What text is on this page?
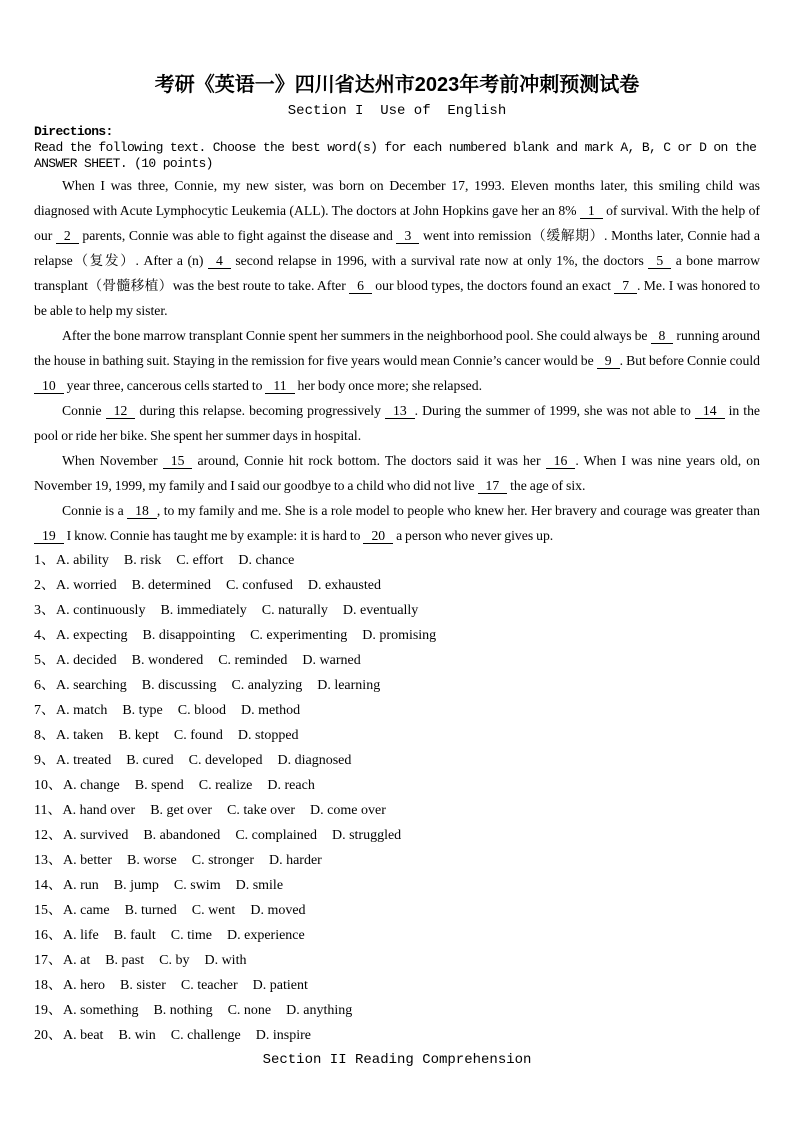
考研《英语一》四川省达州市2023年考前冲刺预测试卷
Section I  Use of  English
Directions:
Read the following text. Choose the best word(s) for each numbered blank and mark A, B, C or D on the
ANSWER SHEET. (10 points)

When I was three, Connie, my new sister, was born on December 17, 1993. Eleven months later, this smiling child was diagnosed with Acute Lymphocytic Leukemia (ALL). The doctors at John Hopkins gave her an 8% 1 of survival. With the help of our 2 parents, Connie was able to fight against the disease and 3 went into remission（缓解期）. Months later, Connie had a relapse（复发）. After a (n) 4 second relapse in 1996, with a survival rate now at only 1%, the doctors 5 a bone marrow transplant（骨髓移植）was the best route to take. After 6 our blood types, the doctors found an exact 7 . Me. I was honored to be able to help my sister.

After the bone marrow transplant Connie spent her summers in the neighborhood pool. She could always be 8 running around the house in bathing suit. Staying in the remission for five years would mean Connie’s cancer would be 9 . But before Connie could 10 year three, cancerous cells started to 11 her body once more; she relapsed.

Connie 12 during this relapse. becoming progressively 13 . During the summer of 1999, she was not able to 14 in the pool or ride her bike. She spent her summer days in hospital.

When November 15 around, Connie hit rock bottom. The doctors said it was her 16 . When I was nine years old, on November 19, 1999, my family and I said our goodbye to a child who did not live 17 the age of six.

Connie is a 18 , to my family and me. She is a role model to people who knew her. Her bravery and courage was greater than 19 I know. Connie has taught me by example: it is hard to 20 a person who never gives up.

1、A. ability B. risk C. effort D. chance
2、A. worried B. determined C. confused D. exhausted
3、A. continuously B. immediately C. naturally D. eventually
4、A. expecting B. disappointing C. experimenting D. promising
5、A. decided B. wondered C. reminded D. warned
6、A. searching B. discussing C. analyzing D. learning
7、A. match B. type C. blood D. method
8、A. taken B. kept C. found D. stopped
9、A. treated B. cured C. developed D. diagnosed
10、A. change B. spend C. realize D. reach
11、A. hand over B. get over C. take over D. come over
12、A. survived B. abandoned C. complained D. struggled
13、A. better B. worse C. stronger D. harder
14、A. run B. jump C. swim D. smile
15、A. came B. turned C. went D. moved
16、A. life B. fault C. time D. experience
17、A. at B. past C. by D. with
18、A. hero B. sister C. teacher D. patient
19、A. something B. nothing C. none D. anything
20、A. beat B. win C. challenge D. inspire
Section II Reading Comprehension
